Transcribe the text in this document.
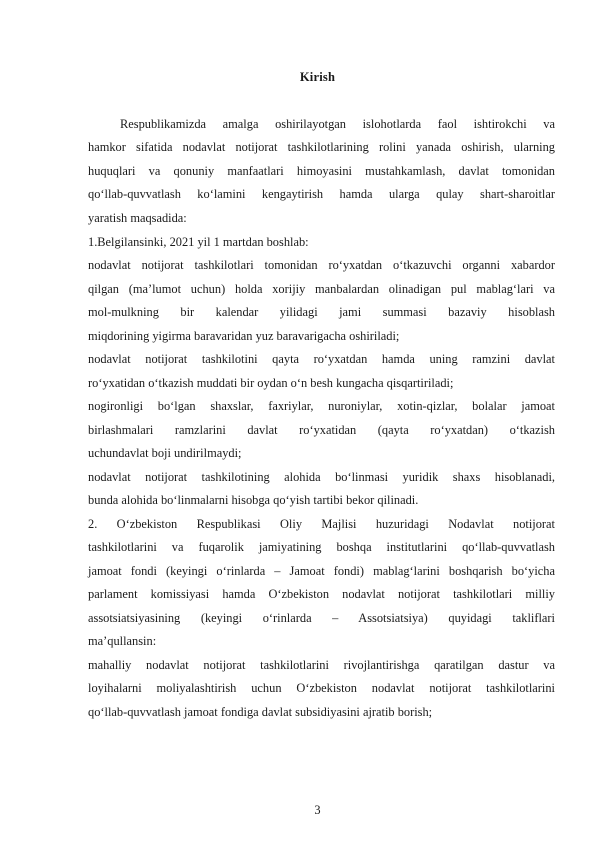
Kirish
Respublikamizda amalga oshirilayotgan islohotlarda faol ishtirokchi va
hamkor sifatida nodavlat notijorat tashkilotlarining rolini yanada oshirish, ularning
huquqlari va qonuniy manfaatlari himoyasini mustahkamlash, davlat tomonidan
qo‘llab-quvvatlash ko‘lamini kengaytirish hamda ularga qulay shart-sharoitlar
yaratish maqsadida:
1.Belgilansinki, 2021 yil 1 martdan boshlab:
nodavlat notijorat tashkilotlari tomonidan ro‘yxatdan o‘tkazuvchi organni xabardor
qilgan (ma’lumot uchun) holda xorijiy manbalardan olinadigan pul mablag‘lari va
mol-mulkning bir kalendar yilidagi jami summasi bazaviy hisoblash
miqdorining yigirma baravaridan yuz baravarigacha oshiriladi;
nodavlat notijorat tashkilotini qayta ro‘yxatdan hamda uning ramzini davlat
ro‘yxatidan o‘tkazish muddati bir oydan o‘n besh kungacha qisqartiriladi;
nogironligi bo‘lgan shaxslar, faxriylar, nuroniylar, xotin-qizlar, bolalar jamoat
birlashmalari ramzlarini davlat ro‘yxatidan (qayta ro‘yxatdan) o‘tkazish
uchundavlat boji undirilmaydi;
nodavlat notijorat tashkilotining alohida bo‘linmasi yuridik shaxs hisoblanadi,
bunda alohida bo‘linmalarni hisobga qo‘yish tartibi bekor qilinadi.
2. O‘zbekiston Respublikasi Oliy Majlisi huzuridagi Nodavlat notijorat
tashkilotlarini va fuqarolik jamiyatining boshqa institutlarini qo‘llab-quvvatlash
jamoat fondi (keyingi o‘rinlarda – Jamoat fondi) mablag‘larini boshqarish bo‘yicha
parlament komissiyasi hamda O‘zbekiston nodavlat notijorat tashkilotlari milliy
assotsiatsiyasining (keyingi o‘rinlarda – Assotsiatsiya) quyidagi takliflari
ma’qullansin:
mahalliy nodavlat notijorat tashkilotlarini rivojlantirishga qaratilgan dastur va
loyihalarni moliyalashtirish uchun O‘zbekiston nodavlat notijorat tashkilotlarini
qo‘llab-quvvatlash jamoat fondiga davlat subsidiyasini ajratib borish;
3
